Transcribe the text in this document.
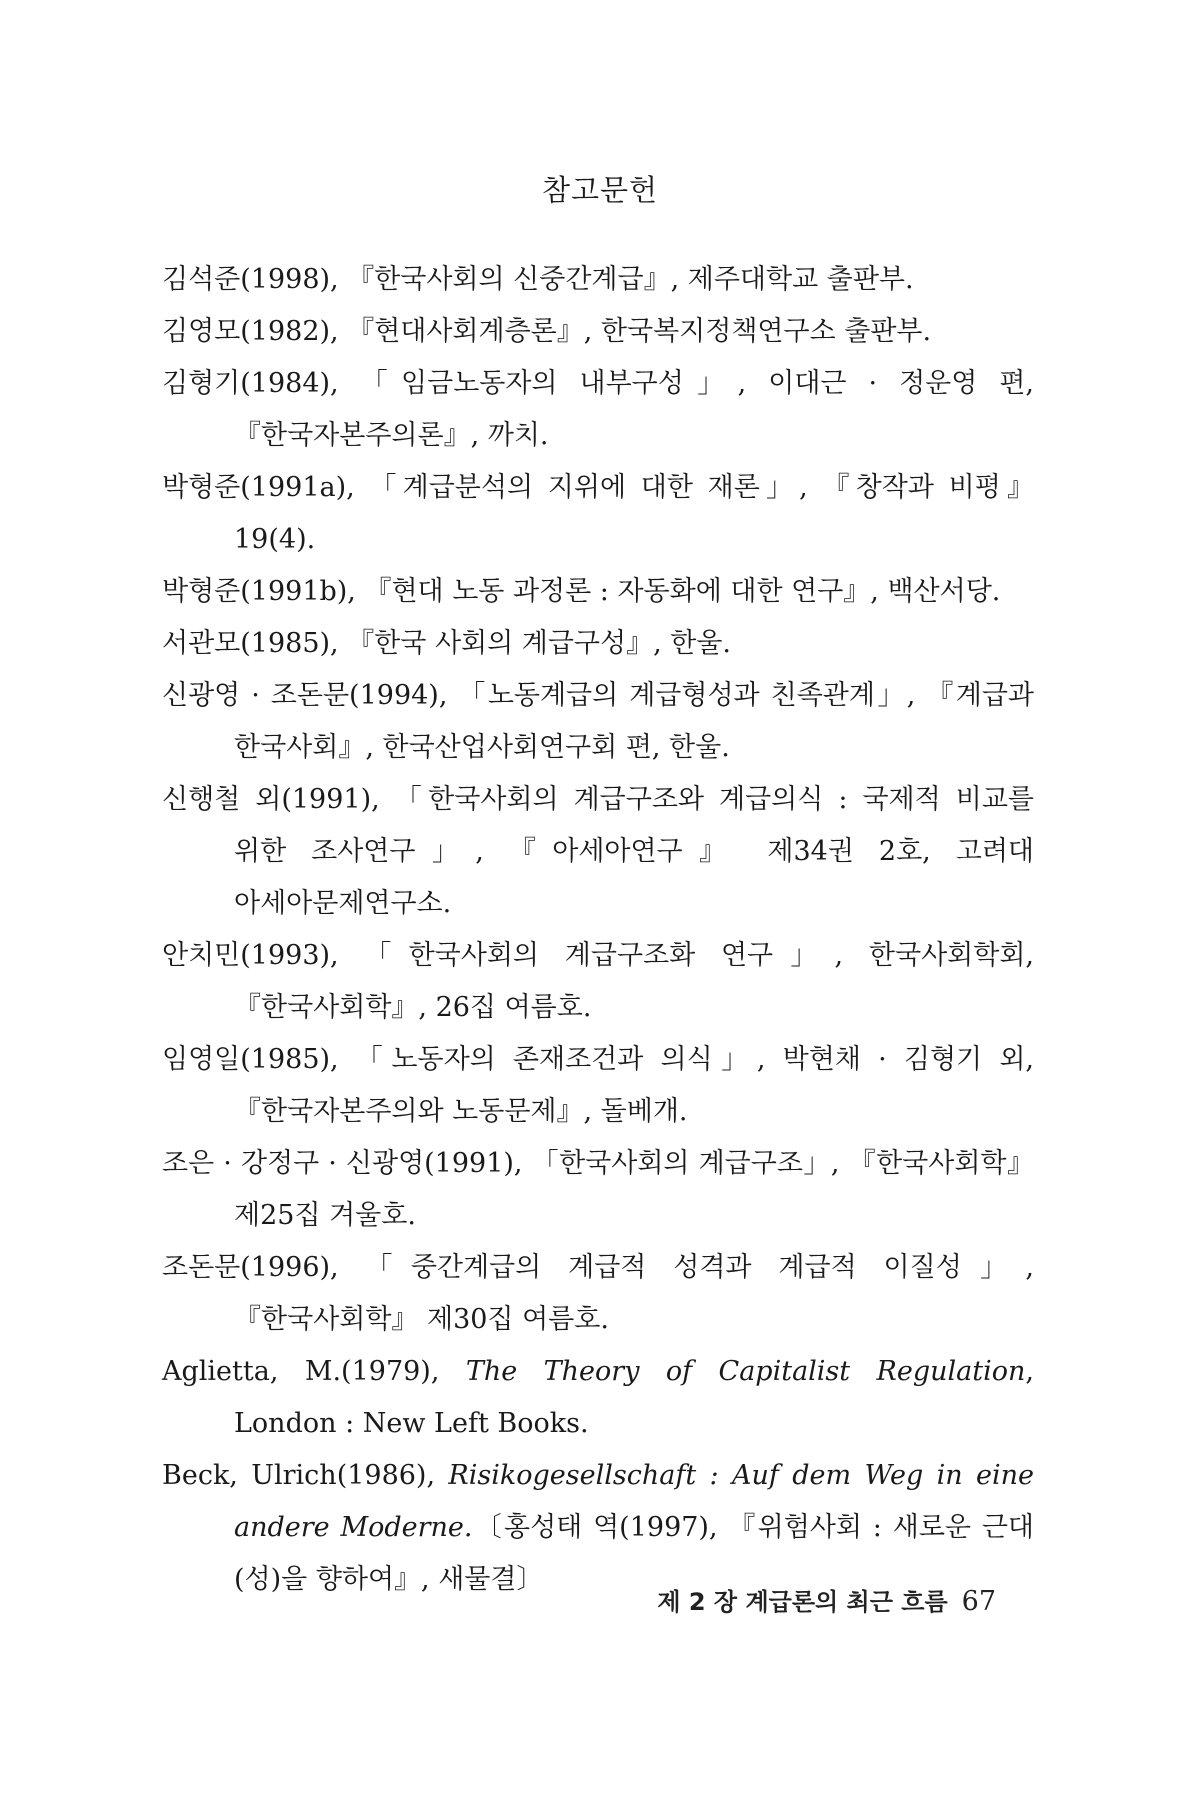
참고문헌
김석준(1998), 『한국사회의 신중간계급』, 제주대학교 출판부.
김영모(1982), 『현대사회계층론』, 한국복지정책연구소 출판부.
김형기(1984), 「임금노동자의 내부구성」, 이대근 · 정운영 편, 『한국자본주의론』, 까치.
박형준(1991a), 「계급분석의 지위에 대한 재론」, 『창작과 비평』 19(4).
박형준(1991b), 『현대 노동 과정론 : 자동화에 대한 연구』, 백산서당.
서관모(1985), 『한국 사회의 계급구성』, 한울.
신광영 · 조돈문(1994), 「노동계급의 계급형성과 친족관계」, 『계급과 한국사회』, 한국산업사회연구회 편, 한울.
신행철 외(1991), 「한국사회의 계급구조와 계급의식 : 국제적 비교를 위한 조사연구」, 『아세아연구』 제34권 2호, 고려대 아세아문제연구소.
안치민(1993), 「한국사회의 계급구조화 연구」, 한국사회학회, 『한국사회학』, 26집 여름호.
임영일(1985), 「노동자의 존재조건과 의식」, 박현채 · 김형기 외, 『한국자본주의와 노동문제』, 돌베개.
조은 · 강정구 · 신광영(1991), 「한국사회의 계급구조」, 『한국사회학』 제25집 겨울호.
조돈문(1996), 「중간계급의 계급적 성격과 계급적 이질성」, 『한국사회학』 제30집 여름호.
Aglietta, M.(1979), The Theory of Capitalist Regulation, London : New Left Books.
Beck, Ulrich(1986), Risikogesellschaft : Auf dem Weg in eine andere Moderne.〔홍성태 역(1997), 『위험사회 : 새로운 근대(성)을 향하여』, 새물결〕
제 2 장 계급론의 최근 흐름 67
